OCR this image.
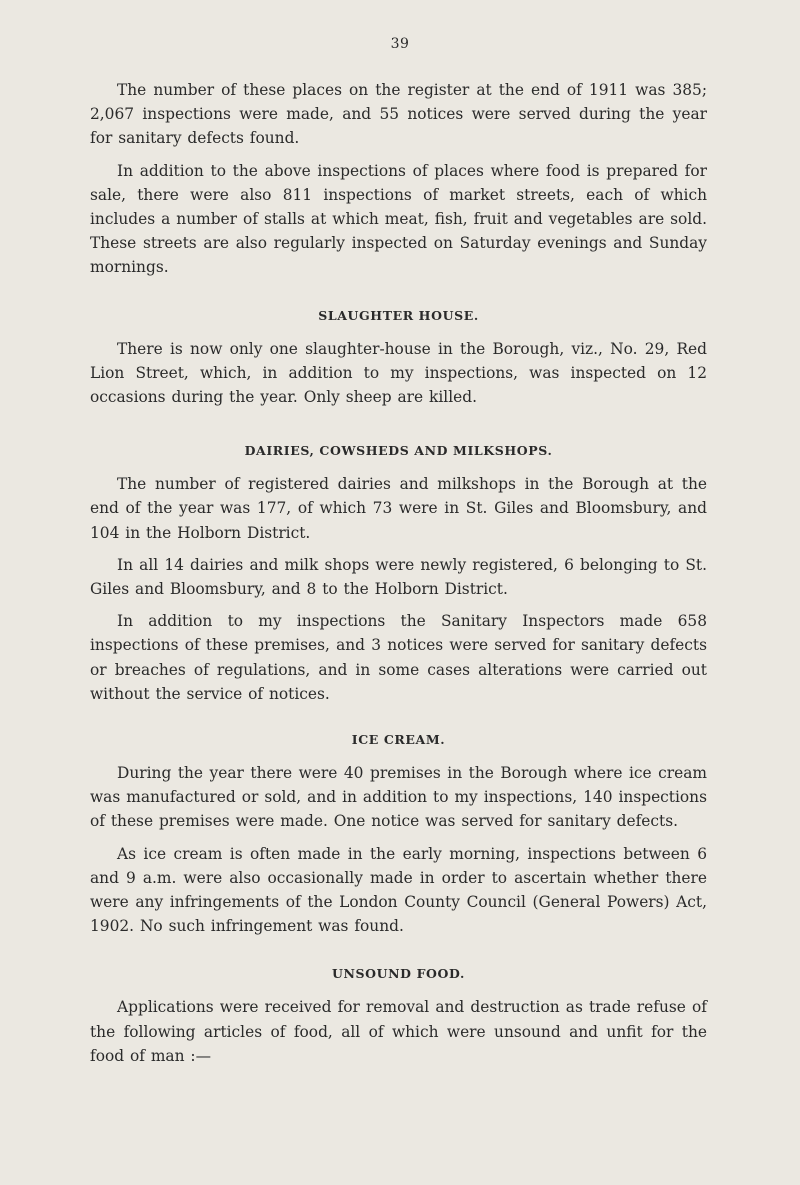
39

The number of these places on the register at the end of 1911 was 385; 2,067 inspections were made, and 55 notices were served during the year for sanitary defects found.

In addition to the above inspections of places where food is prepared for sale, there were also 811 inspections of market streets, each of which includes a number of stalls at which meat, fish, fruit and vegetables are sold. These streets are also regularly inspected on Saturday evenings and Sunday mornings.

SLAUGHTER HOUSE.

There is now only one slaughter-house in the Borough, viz., No. 29, Red Lion Street, which, in addition to my inspections, was inspected on 12 occasions during the year. Only sheep are killed.

DAIRIES, COWSHEDS AND MILKSHOPS.

The number of registered dairies and milkshops in the Borough at the end of the year was 177, of which 73 were in St. Giles and Bloomsbury, and 104 in the Holborn District.

In all 14 dairies and milk shops were newly registered, 6 belonging to St. Giles and Bloomsbury, and 8 to the Holborn District.

In addition to my inspections the Sanitary Inspectors made 658 inspections of these premises, and 3 notices were served for sanitary defects or breaches of regulations, and in some cases alterations were carried out without the service of notices.

ICE CREAM.

During the year there were 40 premises in the Borough where ice cream was manufactured or sold, and in addition to my inspections, 140 inspections of these premises were made. One notice was served for sanitary defects.

As ice cream is often made in the early morning, inspections between 6 and 9 a.m. were also occasionally made in order to ascertain whether there were any infringements of the London County Council (General Powers) Act, 1902. No such infringement was found.

UNSOUND FOOD.

Applications were received for removal and destruction as trade refuse of the following articles of food, all of which were unsound and unfit for the food of man :—
